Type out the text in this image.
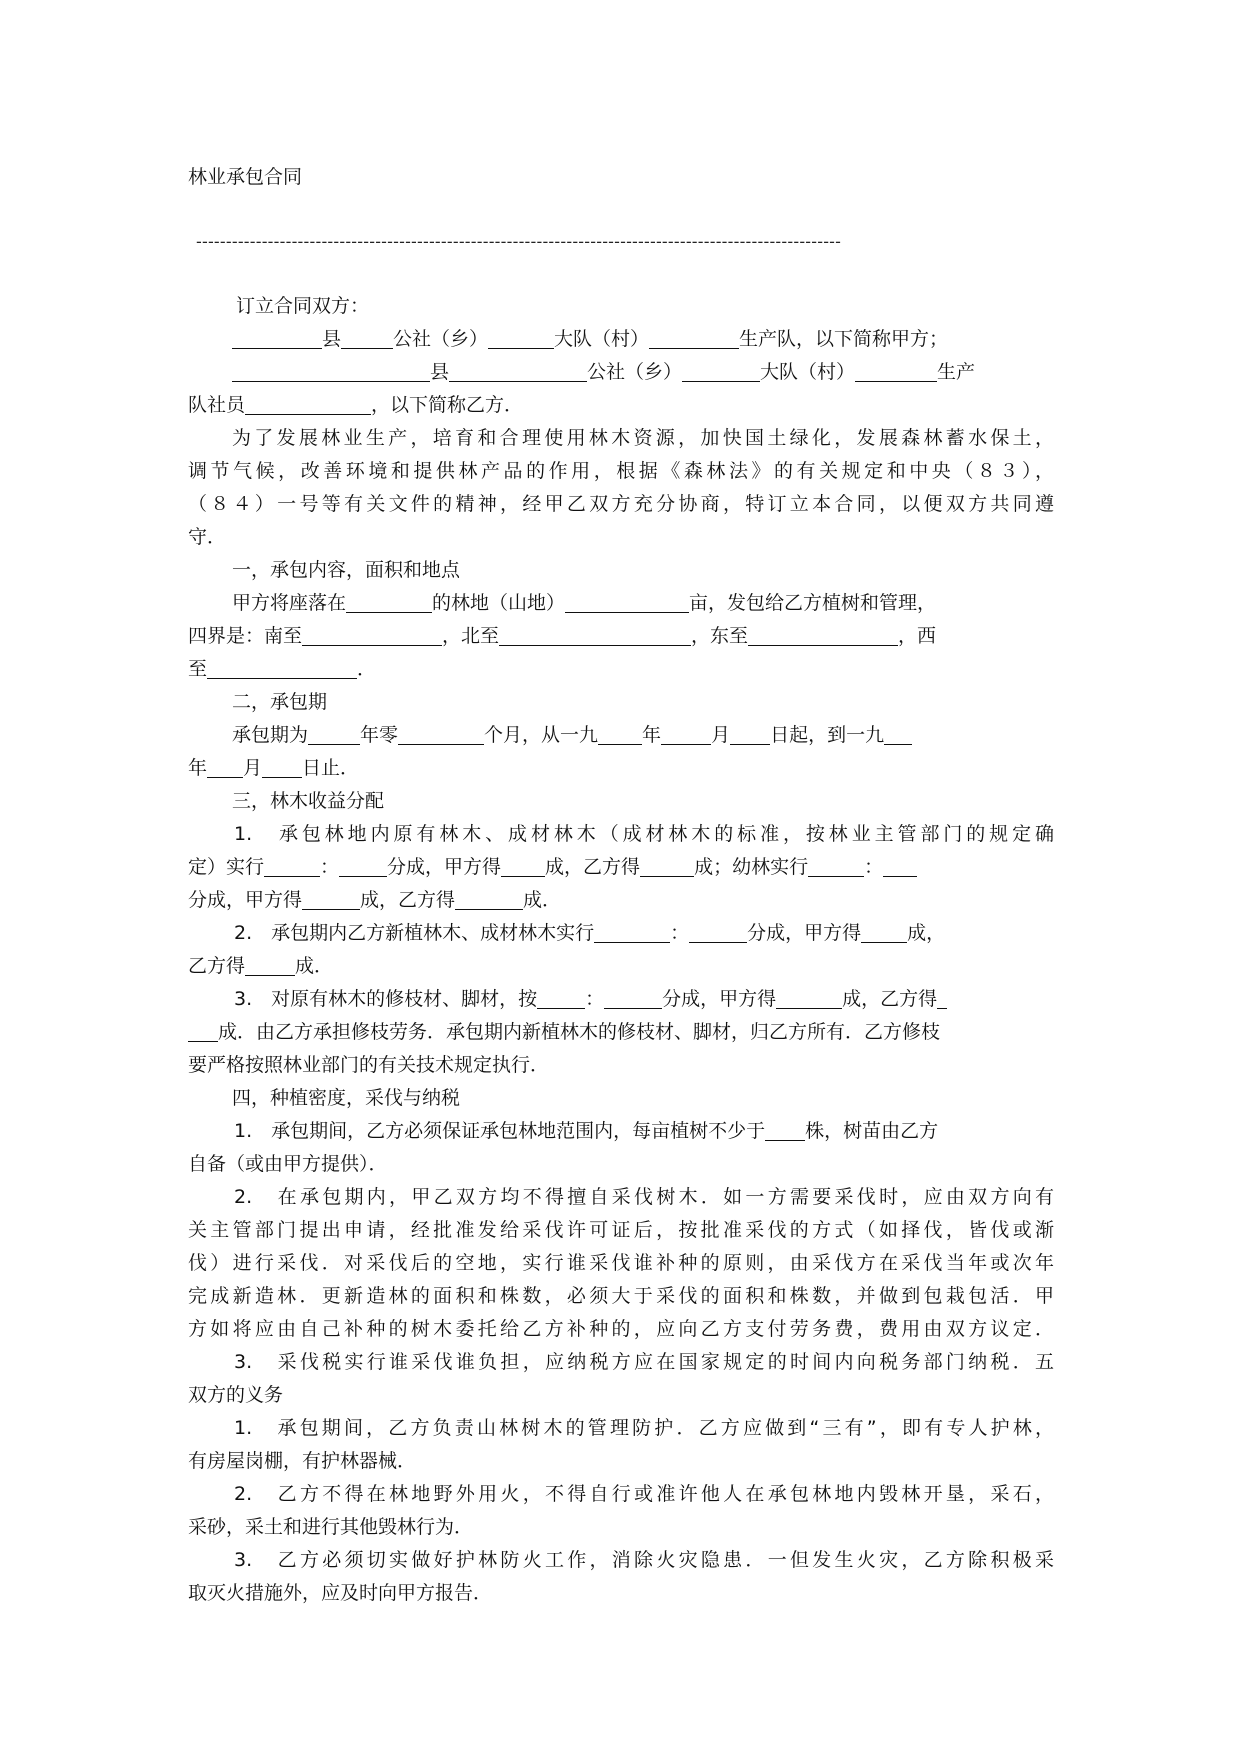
林业承包合同
------------------------------------------------------------------------------------------------------------
订立合同双方：
县	公社（乡）	大队（村）	生产队，以下简称甲方；
县	公社（乡）	大队（村）	生产
队社员	，以下简称乙方．
为了发展林业生产，培育和合理使用林木资源，加快国土绿化，发展森林蓄水保土，
调节气候，改善环境和提供林产品的作用，根据《森林法》的有关规定和中央（８３），
（８４）一号等有关文件的精神，经甲乙双方充分协商，特订立本合同，以便双方共同遵
守．
一，承包内容，面积和地点
甲方将座落在	的林地（山地）	亩，发包给乙方植树和管理，
四界是：南至	，北至	，东至	，西
至	．
二，承包期
承包期为	年零	个月，从一九 年	月 日起，到一九
年 月 日止．
三，林木收益分配
1.　承包林地内原有林木、成材林木（成材林木的标准，按林业主管部门的规定确
定）实行	：	分成，甲方得 成，乙方得	成；幼林实行	：
分成，甲方得	成，乙方得	成．
2.　承包期内乙方新植林木、成材林木实行	：	分成，甲方得 成，
乙方得	成．
3.　对原有林木的修枝材、脚材，按	：	分成，甲方得	成，乙方得
成．由乙方承担修枝劳务．承包期内新植林木的修枝材、脚材，归乙方所有．乙方修枝
要严格按照林业部门的有关技术规定执行．
四，种植密度，采伐与纳税
1.　承包期间，乙方必须保证承包林地范围内，每亩植树不少于 株，树苗由乙方
自备（或由甲方提供）．
2.　在承包期内，甲乙双方均不得擅自采伐树木．如一方需要采伐时，应由双方向有
关主管部门提出申请，经批准发给采伐许可证后，按批准采伐的方式（如择伐，皆伐或渐
伐）进行采伐．对采伐后的空地，实行谁采伐谁补种的原则，由采伐方在采伐当年或次年
完成新造林．更新造林的面积和株数，必须大于采伐的面积和株数，并做到包栽包活．甲
方如将应由自己补种的树木委托给乙方补种的，应向乙方支付劳务费，费用由双方议定．
3.　采伐税实行谁采伐谁负担，应纳税方应在国家规定的时间内向税务部门纳税．五
双方的义务
1.　承包期间，乙方负责山林树木的管理防护．乙方应做到“三有”，即有专人护林，
有房屋岗棚，有护林器械．
2.　乙方不得在林地野外用火，不得自行或准许他人在承包林地内毁林开垦，采石，
采砂，采土和进行其他毁林行为．
3.　乙方必须切实做好护林防火工作，消除火灾隐患．一但发生火灾，乙方除积极采
取灭火措施外，应及时向甲方报告．
